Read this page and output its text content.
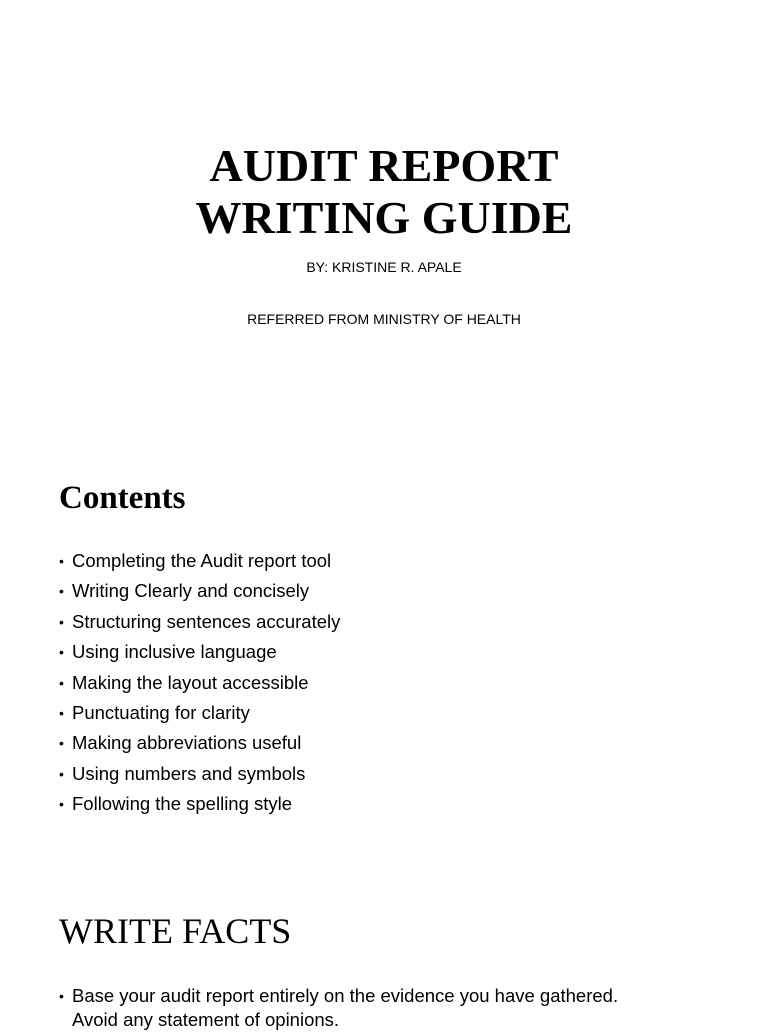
AUDIT REPORT
WRITING GUIDE
BY: KRISTINE R. APALE
REFERRED FROM MINISTRY OF HEALTH
Contents
• Completing the Audit report tool
• Writing Clearly and concisely
• Structuring sentences accurately
• Using inclusive language
• Making the layout accessible
• Punctuating for clarity
• Making abbreviations useful
• Using numbers and symbols
• Following the spelling style
WRITE FACTS

• Base your audit report entirely on the evidence you have gathered.
Avoid any statement of opinions.
